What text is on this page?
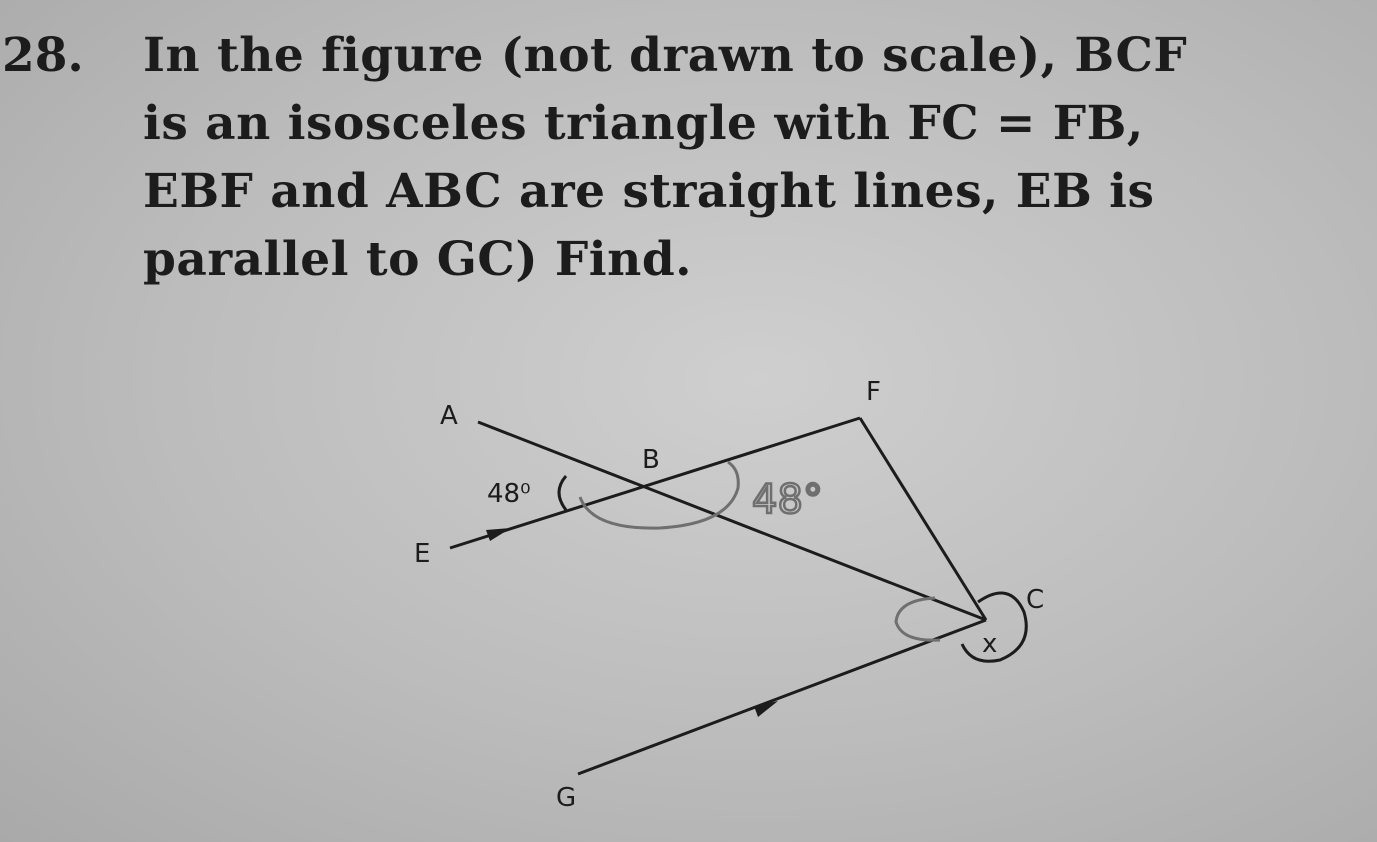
28. In the figure (not drawn to scale), BCF
is an isosceles triangle with FC = FB,
EBF and ABC are straight lines, EB is
parallel to GC) Find.
48°
A
B
C
E
F
G
48⁰
x
